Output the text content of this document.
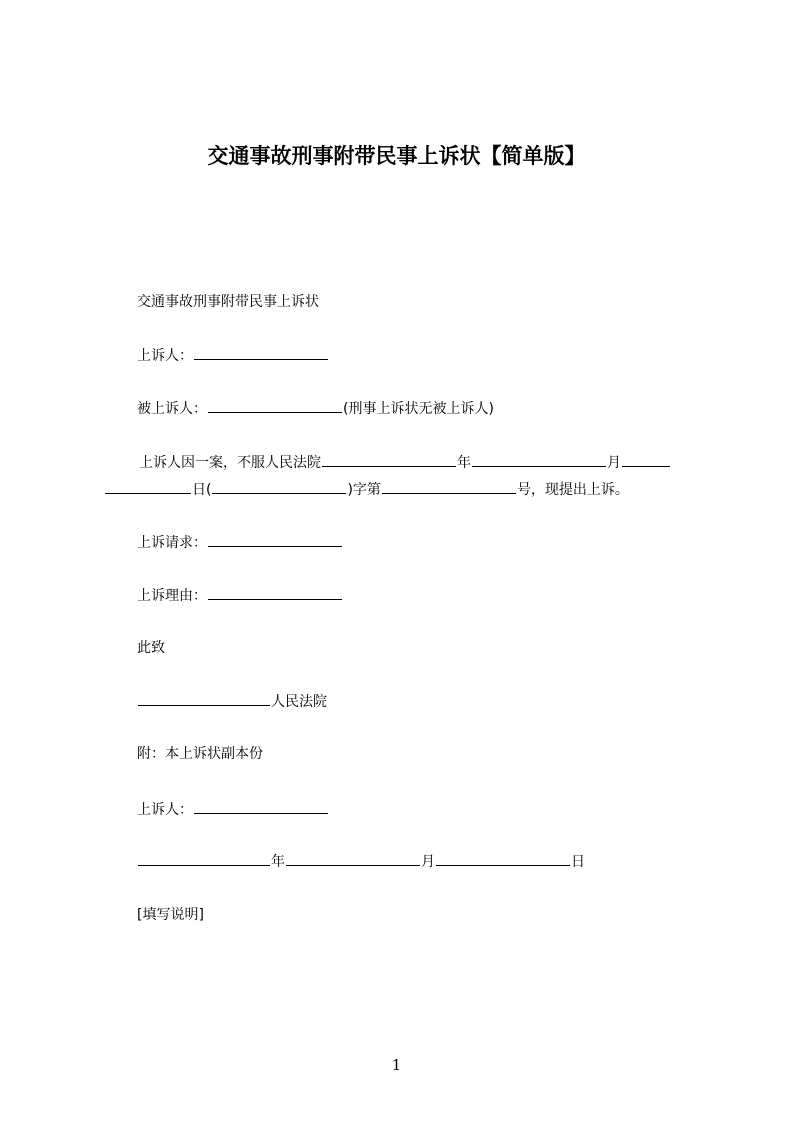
交通事故刑事附带民事上诉状【简单版】
交通事故刑事附带民事上诉状
上诉人：
被上诉人：	(刑事上诉状无被上诉人)
上诉人因一案，不服人民法院	年	月
日(	)字第	号，现提出上诉。
上诉请求：
上诉理由：
此致
人民法院
附：本上诉状副本份
上诉人：
年	月	日
[填写说明]
1
